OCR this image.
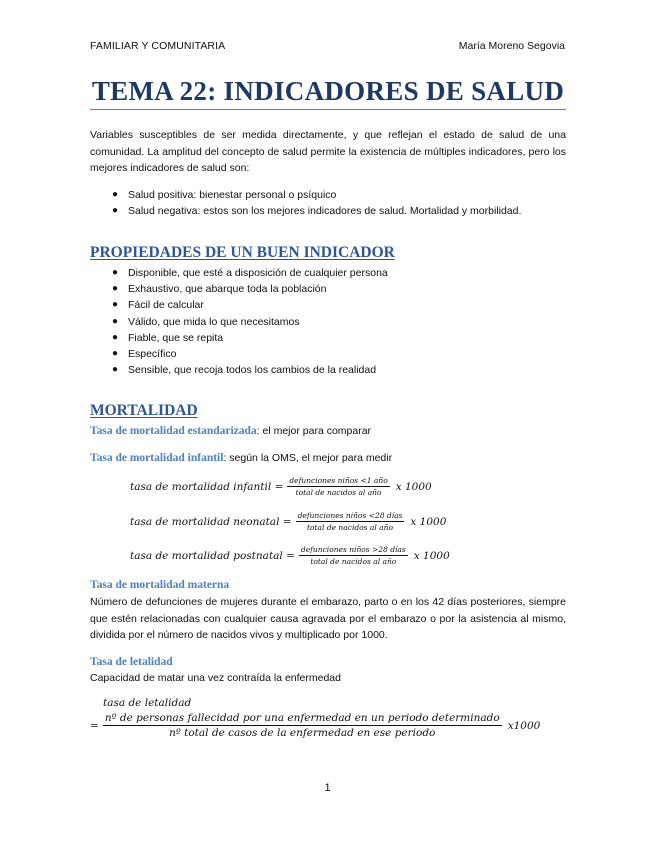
FAMILIAR Y COMUNITARIA	María Moreno Segovia
TEMA 22: INDICADORES DE SALUD

Variables susceptibles de ser medida directamente, y que reflejan el estado de salud de una comunidad. La amplitud del concepto de salud permite la existencia de múltiples indicadores, pero los mejores indicadores de salud son:

● Salud positiva: bienestar personal o psíquico
● Salud negativa: estos son los mejores indicadores de salud. Mortalidad y morbilidad.
PROPIEDADES DE UN BUEN INDICADOR
● Disponible, que esté a disposición de cualquier persona
● Exhaustivo, que abarque toda la población
● Fácil de calcular
● Válido, que mida lo que necesitamos
● Fiable, que se repita
● Específico
● Sensible, que recoja todos los cambios de la realidad
MORTALIDAD
Tasa de mortalidad estandarizada: el mejor para comparar
Tasa de mortalidad infantil: según la OMS, el mejor para medir
tasa de mortalidad infantil = $\frac{\text{defunciones niños <1 año}}{\text{total de nacidos al año}}$ x 1000
tasa de mortalidad neonatal = $\frac{\text{defunciones niños <28 días}}{\text{total de nacidos al año}}$ x 1000
tasa de mortalidad postnatal = $\frac{\text{defunciones niños >28 días}}{\text{total de nacidos al año}}$ x 1000
Tasa de mortalidad materna

Número de defunciones de mujeres durante el embarazo, parto o en los 42 días posteriores, siempre que estén relacionadas con cualquier causa agravada por el embarazo o por la asistencia al mismo, dividida por el número de nacidos vivos y multiplicado por 1000.

Tasa de letalidad
Capacidad de matar una vez contraída la enfermedad
tasa de letalidad
=
nº de personas fallecidad por una enfermedad en un periodo determinado
nº total de casos de la enfermedad en ese periodo
x1000
1
